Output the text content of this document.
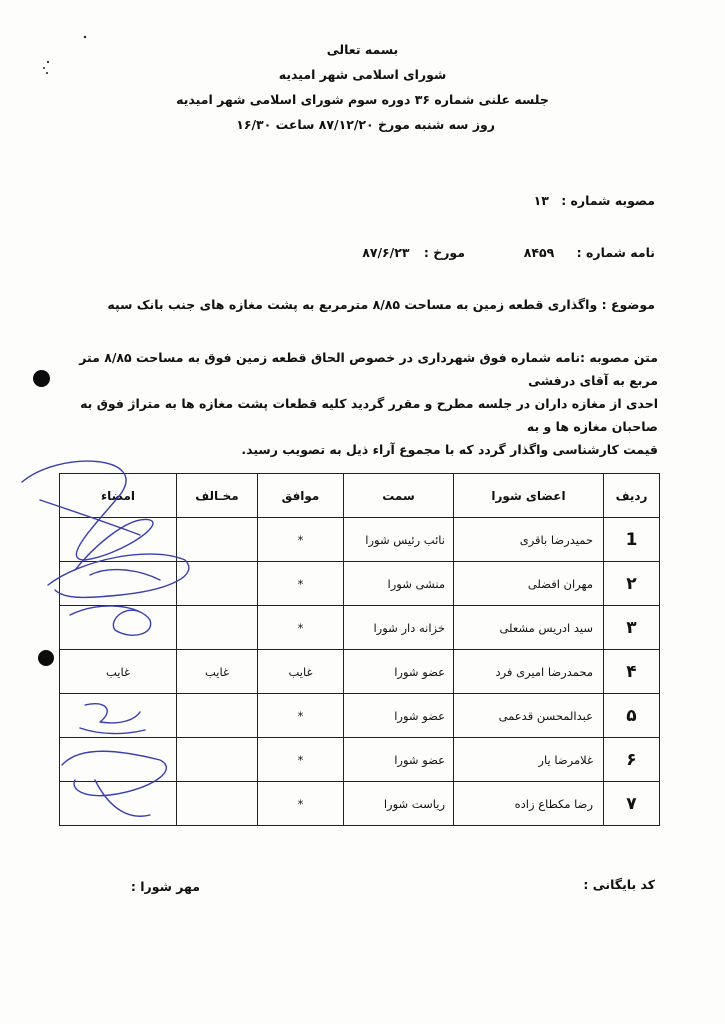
بسمه تعالی
شورای اسلامی شهر امیدیه
جلسه علنی شماره ۳۶ دوره سوم شورای اسلامی شهر امیدیه
روز سه شنبه مورخ ۸۷/۱۲/۲۰ ساعت ۱۶/۳۰
مصوبه شماره : ۱۳
نامه شماره : ۸۴۵۹
مورخ : ۸۷/۶/۲۳
موضوع : واگذاری قطعه زمین به مساحت ۸/۸۵ مترمربع به پشت مغازه های جنب بانک سپه
متن مصوبه :نامه شماره فوق شهرداری در خصوص الحاق قطعه زمین فوق به مساحت ۸/۸۵ متر مربع به آقای درفشی
احدی از مغازه داران در جلسه مطرح و مقرر گردید کلیه قطعات پشت مغازه ها به متراژ فوق به صاحبان مغازه ها و به
قیمت کارشناسی واگذار گردد که با مجموع آراء ذیل به تصویب رسید.
ردیف	اعضای شورا	سمت	موافق	مخـالف	امضاء
1	حمیدرضا باقری	نائب رئیس شورا	*		
۲	مهران افضلی	منشی شورا	*		
۳	سید ادریس مشعلی	خزانه دار شورا	*		
۴	محمدرضا امیری فرد	عضو شورا	غایب	غایب	غایب
۵	عبدالمحسن قدعمی	عضو شورا	*		
۶	غلامرضا یار	عضو شورا	*		
۷	رضا مکطاع زاده	ریاست شورا	*		
کد بایگانی :
مهر شورا :
